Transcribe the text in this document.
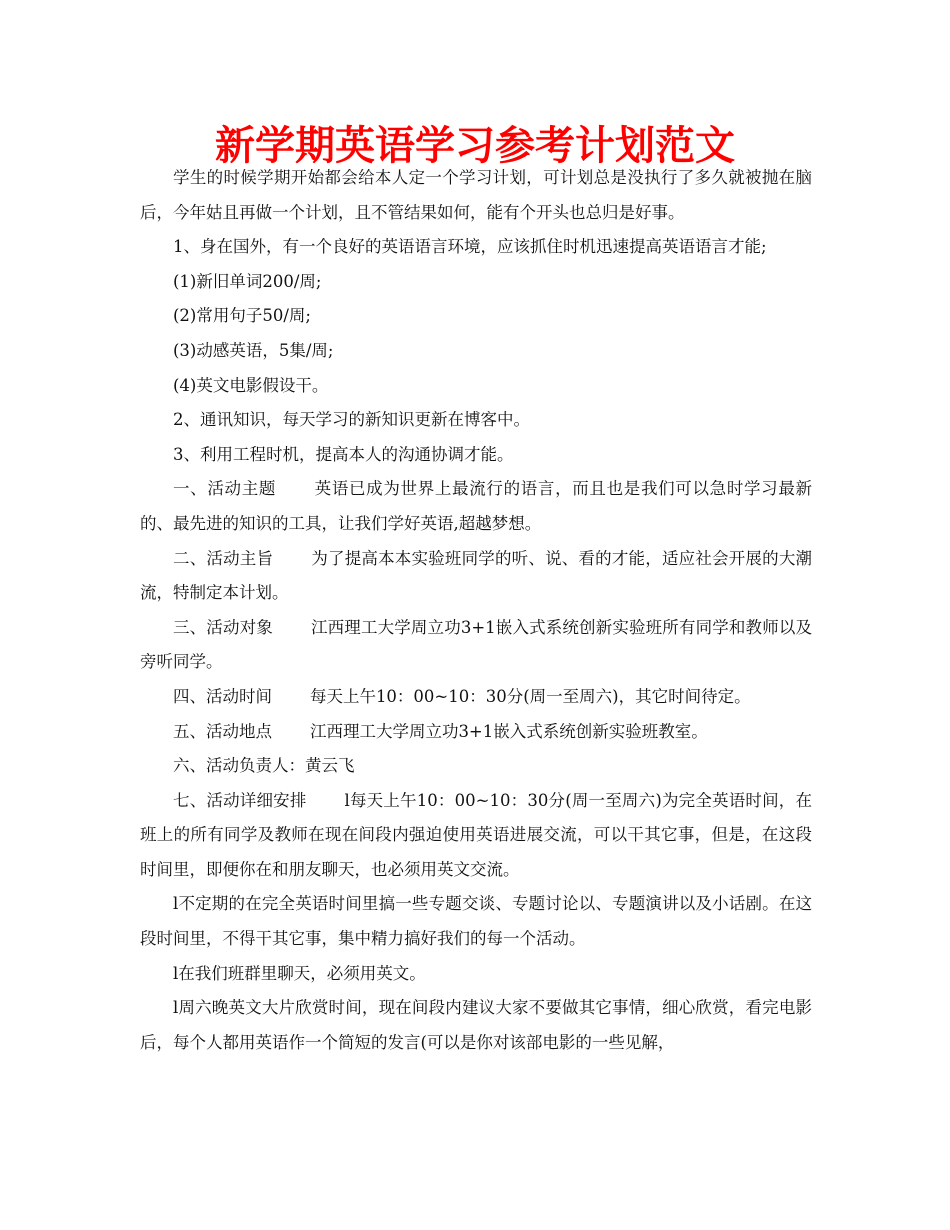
新学期英语学习参考计划范文

学生的时候学期开始都会给本人定一个学习计划，可计划总是没执行了多久就被抛在脑后，今年姑且再做一个计划，且不管结果如何，能有个开头也总归是好事。

1、身在国外，有一个良好的英语语言环境，应该抓住时机迅速提高英语语言才能;

(1)新旧单词200/周;

(2)常用句子50/周;

(3)动感英语，5集/周;

(4)英文电影假设干。

2、通讯知识，每天学习的新知识更新在博客中。

3、利用工程时机，提高本人的沟通协调才能。

一、活动主题 英语已成为世界上最流行的语言，而且也是我们可以急时学习最新的、最先进的知识的工具，让我们学好英语,超越梦想。

二、活动主旨 为了提高本本实验班同学的听、说、看的才能，适应社会开展的大潮流，特制定本计划。

三、活动对象 江西理工大学周立功3+1嵌入式系统创新实验班所有同学和教师以及旁听同学。

四、活动时间 每天上午10：00~10：30分(周一至周六)，其它时间待定。

五、活动地点 江西理工大学周立功3+1嵌入式系统创新实验班教室。

六、活动负责人：黄云飞

七、活动详细安排 l每天上午10：00~10：30分(周一至周六)为完全英语时间，在班上的所有同学及教师在现在间段内强迫使用英语进展交流，可以干其它事，但是，在这段时间里，即便你在和朋友聊天，也必须用英文交流。

l不定期的在完全英语时间里搞一些专题交谈、专题讨论以、专题演讲以及小话剧。在这段时间里，不得干其它事，集中精力搞好我们的每一个活动。

l在我们班群里聊天，必须用英文。

l周六晚英文大片欣赏时间，现在间段内建议大家不要做其它事情，细心欣赏，看完电影后，每个人都用英语作一个简短的发言(可以是你对该部电影的一些见解，
